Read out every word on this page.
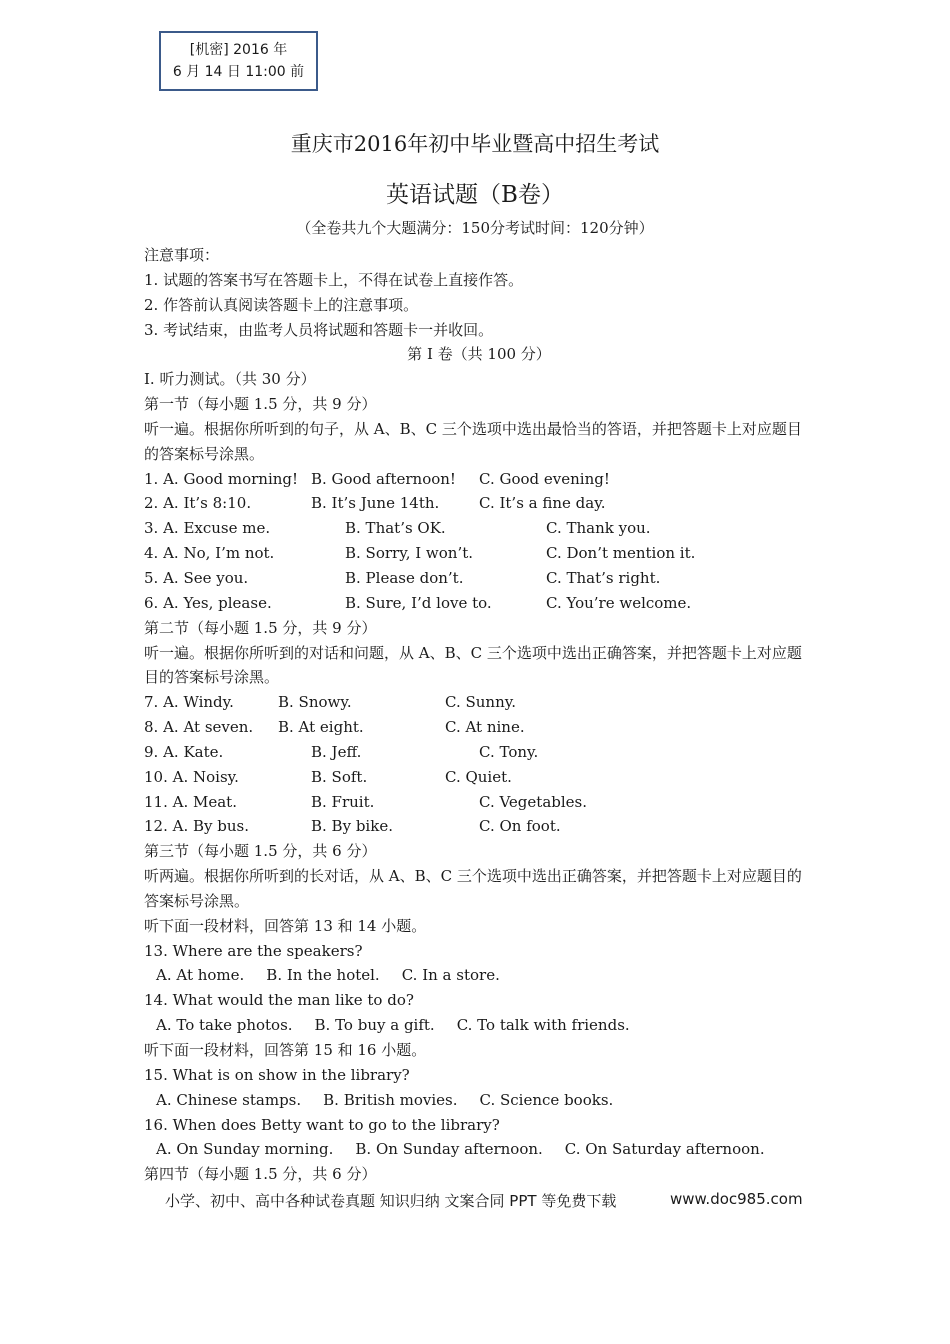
[机密] 2016 年
6 月 14 日 11:00 前
重庆市2016年初中毕业暨高中招生考试
英语试题（B卷）
（全卷共九个大题满分：150分考试时间：120分钟）
注意事项：
1. 试题的答案书写在答题卡上，不得在试卷上直接作答。
2. 作答前认真阅读答题卡上的注意事项。
3. 考试结束，由监考人员将试题和答题卡一并收回。
第 I 卷（共 100 分）
I. 听力测试。（共 30 分）
第一节（每小题 1.5 分，共 9 分）
听一遍。根据你所听到的句子，从 A、B、C 三个选项中选出最恰当的答语，并把答题卡上对应题目的答案标号涂黑。
1. A. Good morning! B. Good afternoon! C. Good evening!
2. A. It’s 8:10.	B. It’s June 14th.	C. It’s a fine day.
3. A. Excuse me.	B. That’s OK.	C. Thank you.
4. A. No, I’m not.	B. Sorry, I won’t.	C. Don’t mention it.
5. A. See you.	B. Please don’t.	C. That’s right.
6. A. Yes, please.	B. Sure, I’d love to.	C. You’re welcome.
第二节（每小题 1.5 分，共 9 分）
听一遍。根据你所听到的对话和问题，从 A、B、C 三个选项中选出正确答案，并把答题卡上对应题目的答案标号涂黑。
7. A. Windy.	B. Snowy.	C. Sunny.
8. A. At seven. B. At eight.	C. At nine.
9. A. Kate.	B. Jeff.	C. Tony.
10. A. Noisy.	B. Soft.	C. Quiet.
11. A. Meat.	B. Fruit.	C. Vegetables.
12. A. By bus.	B. By bike.	C. On foot.
第三节（每小题 1.5 分，共 6 分）
听两遍。根据你所听到的长对话，从 A、B、C 三个选项中选出正确答案，并把答题卡上对应题目的答案标号涂黑。
听下面一段材料，回答第 13 和 14 小题。
13. Where are the speakers?
A. At home. B. In the hotel. C. In a store.
14. What would the man like to do?
A. To take photos. B. To buy a gift. C. To talk with friends.
听下面一段材料，回答第 15 和 16 小题。
15. What is on show in the library?
A. Chinese stamps. B. British movies. C. Science books.
16. When does Betty want to go to the library?
A. On Sunday morning. B. On Sunday afternoon. C. On Saturday afternoon.
第四节（每小题 1.5 分，共 6 分）
小学、初中、高中各种试卷真题 知识归纳 文案合同 PPT 等免费下载	www.doc985.com
